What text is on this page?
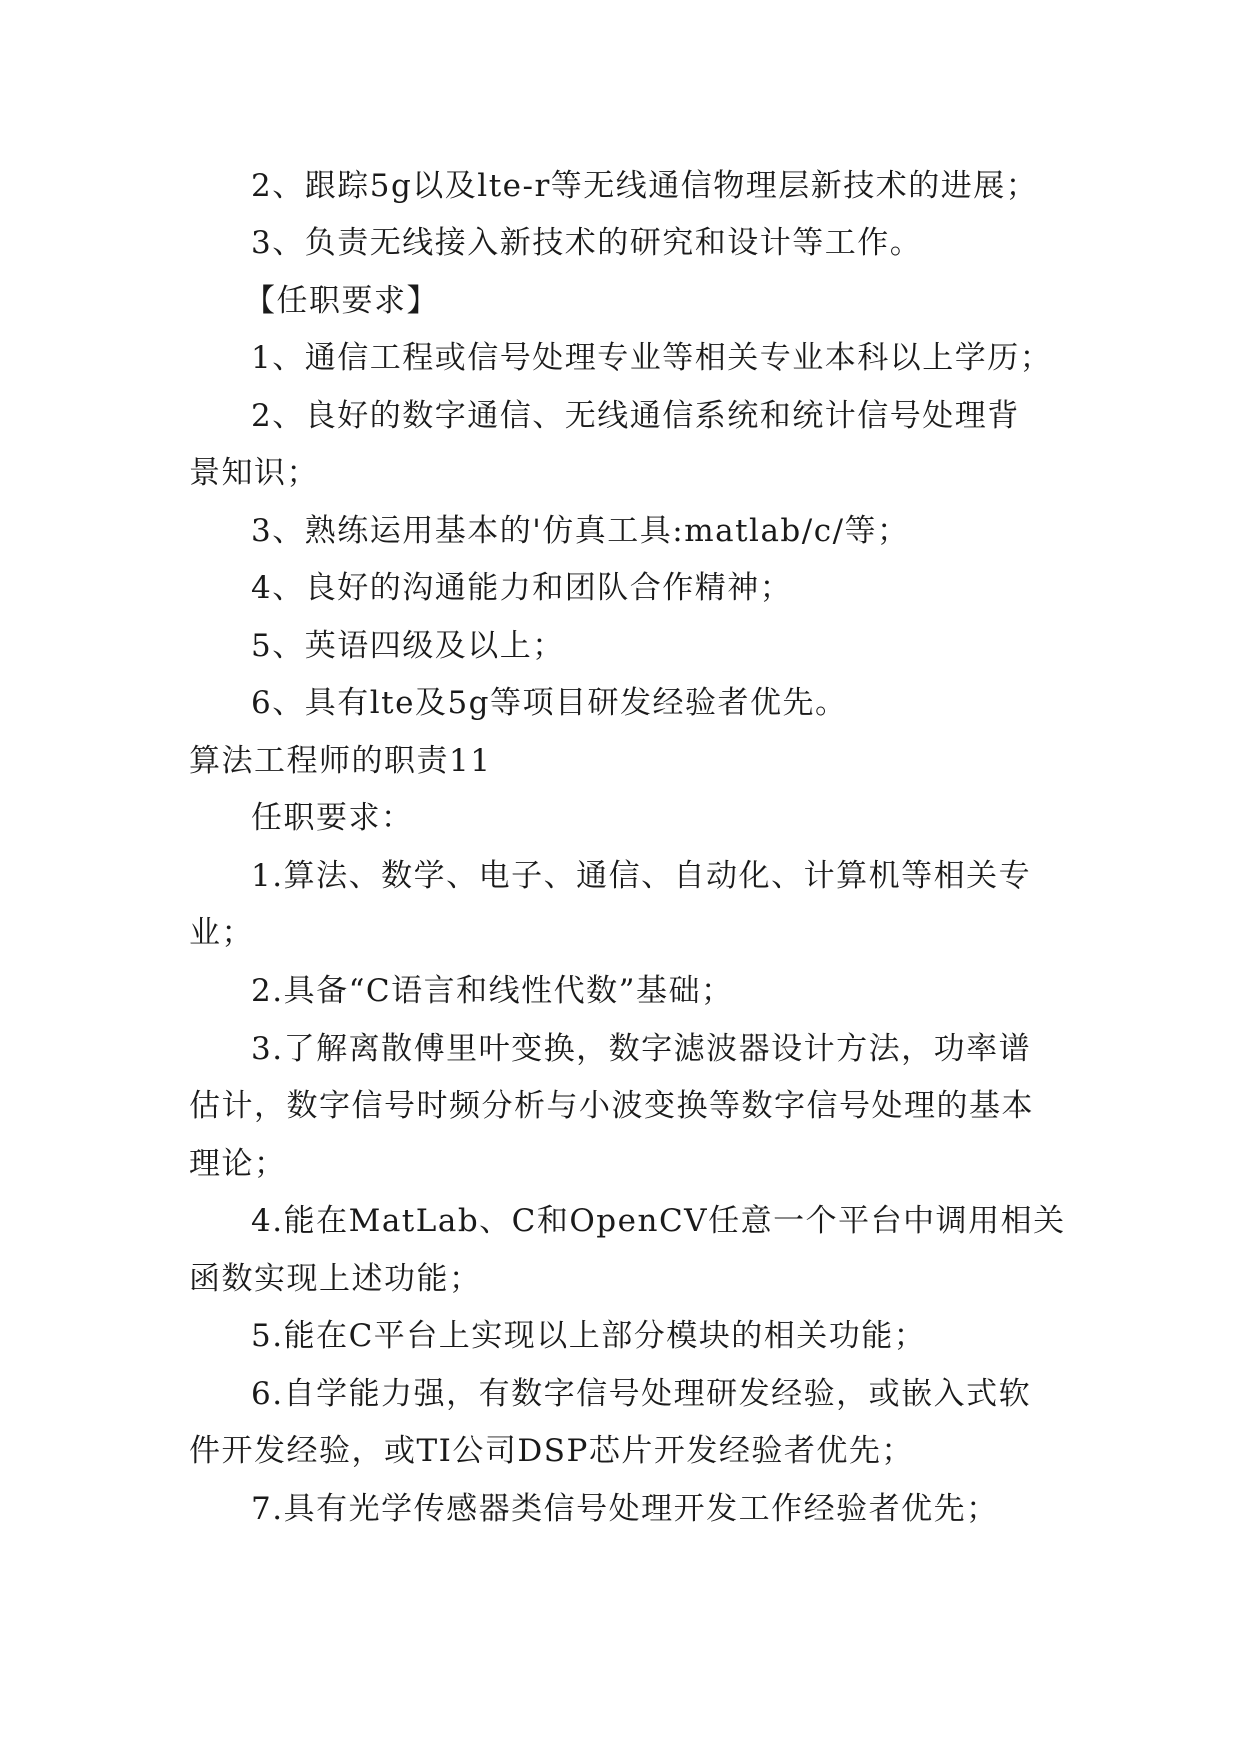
2、跟踪5g以及lte-r等无线通信物理层新技术的进展；
3、负责无线接入新技术的研究和设计等工作。
【任职要求】
1、通信工程或信号处理专业等相关专业本科以上学历；
2、良好的数字通信、无线通信系统和统计信号处理背
景知识；
3、熟练运用基本的'仿真工具:matlab/c/等；
4、良好的沟通能力和团队合作精神；
5、英语四级及以上；
6、具有lte及5g等项目研发经验者优先。
算法工程师的职责11
任职要求：
1.算法、数学、电子、通信、自动化、计算机等相关专
业；
2.具备“C语言和线性代数”基础；
3.了解离散傅里叶变换，数字滤波器设计方法，功率谱
估计，数字信号时频分析与小波变换等数字信号处理的基本
理论；
4.能在MatLab、C和OpenCV任意一个平台中调用相关
函数实现上述功能；
5.能在C平台上实现以上部分模块的相关功能；
6.自学能力强，有数字信号处理研发经验，或嵌入式软
件开发经验，或TI公司DSP芯片开发经验者优先；
7.具有光学传感器类信号处理开发工作经验者优先；
